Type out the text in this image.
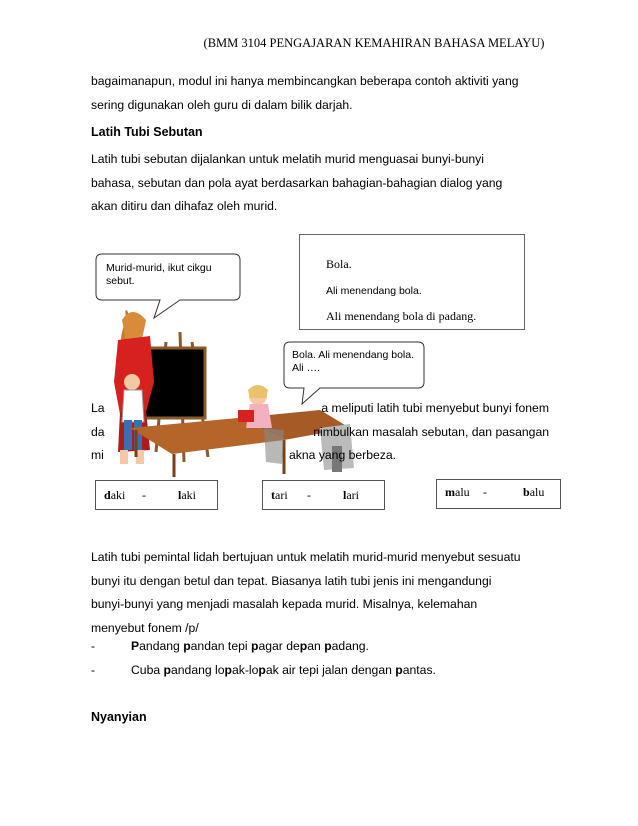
(BMM 3104 PENGAJARAN KEMAHIRAN BAHASA MELAYU)
bagaimanapun, modul ini hanya membincangkan beberapa contoh aktiviti yang
sering digunakan oleh guru di dalam bilik darjah.
Latih Tubi Sebutan
Latih tubi sebutan dijalankan untuk melatih murid menguasai bunyi-bunyi
bahasa, sebutan dan pola ayat berdasarkan bahagian-bahagian dialog yang
akan ditiru dan dihafaz oleh murid.
Bola.
Ali menendang bola.
Ali menendang bola di padang.
Murid-murid, ikut cikgu sebut.
Bola. Ali menendang bola. Ali ….
La	a meliputi latih tubi menyebut bunyi fonem
da	nimbulkan masalah sebutan, dan pasangan
mi	akna yang berbeza.
daki -	laki	tari -	lari	malu -	balu
Latih tubi pemintal lidah bertujuan untuk melatih murid-murid menyebut sesuatu
bunyi itu dengan betul dan tepat. Biasanya latih tubi jenis ini mengandungi
bunyi-bunyi yang menjadi masalah kepada murid. Misalnya, kelemahan
menyebut fonem /p/
-	Pandang pandan tepi pagar depan padang.
-	Cuba pandang lopak-lopak air tepi jalan dengan pantas.
Nyanyian
